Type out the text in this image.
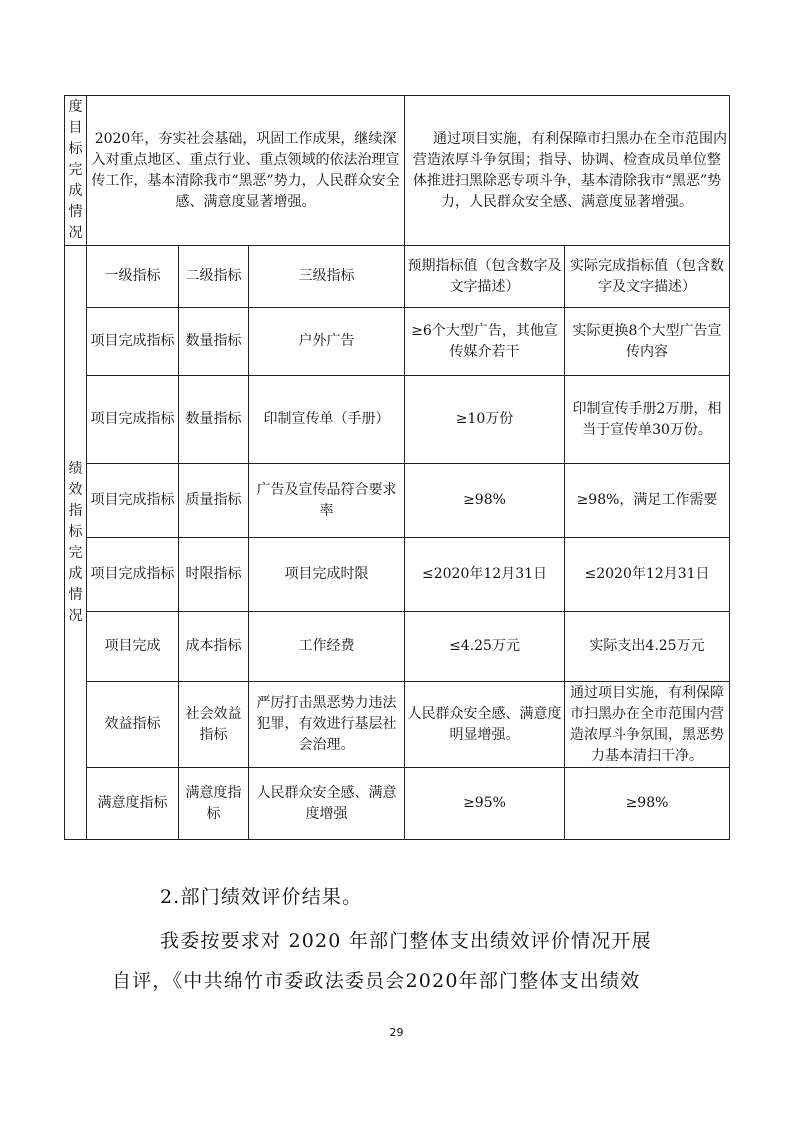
度目标完成情况	2020年，夯实社会基础，巩固工作成果，继续深入对重点地区、重点行业、重点领域的依法治理宣传工作，基本清除我市“黑恶”势力，人民群众安全感、满意度显著增强。			通过项目实施，有利保障市扫黑办在全市范围内营造浓厚斗争氛围；指导、协调、检查成员单位整体推进扫黑除恶专项斗争，基本清除我市“黑恶”势力，人民群众安全感、满意度显著增强。	
绩效指标完成情况	一级指标	二级指标	三级指标	预期指标值（包含数字及文字描述）	实际完成指标值（包含数字及文字描述）
	项目完成指标	数量指标	户外广告	≥6个大型广告，其他宣传媒介若干	实际更换8个大型广告宣传内容
	项目完成指标	数量指标	印制宣传单（手册）	≥10万份	印制宣传手册2万册，相当于宣传单30万份。
	项目完成指标	质量指标	广告及宣传品符合要求率	≥98%	≥98%，满足工作需要
	项目完成指标	时限指标	项目完成时限	≤2020年12月31日	≤2020年12月31日
	项目完成	成本指标	工作经费	≤4.25万元	实际支出4.25万元
	效益指标	社会效益指标	严厉打击黑恶势力违法犯罪，有效进行基层社会治理。	人民群众安全感、满意度明显增强。	通过项目实施，有利保障市扫黑办在全市范围内营造浓厚斗争氛围，黑恶势力基本清扫干净。
	满意度指标	满意度指标	人民群众安全感、满意度增强	≥95%	≥98%
2.部门绩效评价结果。
我委按要求对 2020 年部门整体支出绩效评价情况开展
自评，《中共绵竹市委政法委员会2020年部门整体支出绩效
29
